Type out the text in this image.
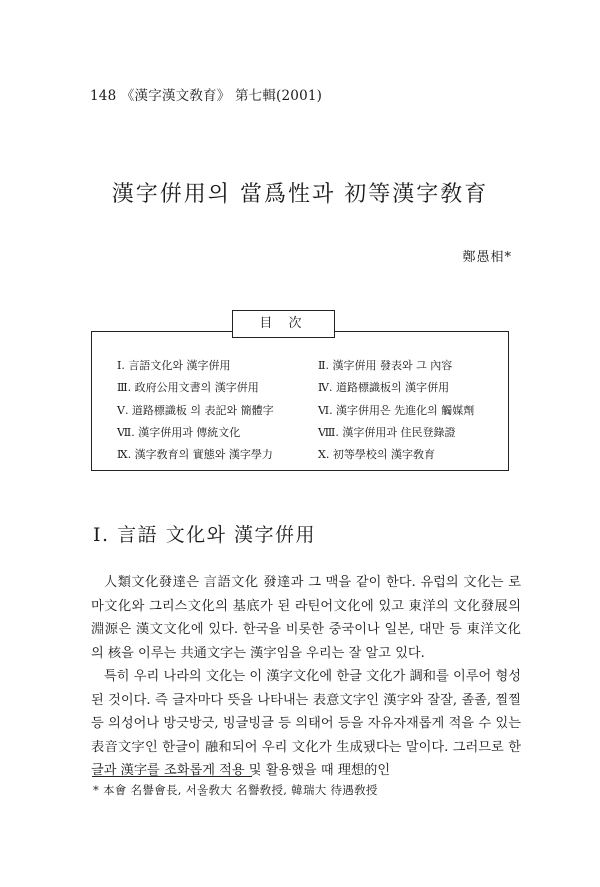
148 《漢字漢文敎育》 第七輯(2001)
漢字倂用의 當爲性과 初等漢字敎育
鄭愚相*
目 次
Ⅰ. 言語文化와 漢字倂用
Ⅲ. 政府公用文書의 漢字倂用
Ⅴ. 道路標識板 의 表記와 簡體字
Ⅶ. 漢字倂用과 傳統文化
Ⅸ. 漢字敎育의 實態와 漢字學力
Ⅱ. 漢字倂用 發表와 그 內容
Ⅳ. 道路標識板의 漢字倂用
Ⅵ. 漢字倂用은 先進化의 觸媒劑
Ⅷ. 漢字倂用과 住民登錄證
Ⅹ. 初等學校의 漢字敎育
Ⅰ. 言語 文化와 漢字倂用

人類文化發達은 言語文化 發達과 그 맥을 같이 한다. 유럽의 文化는 로마文化와 그리스文化의 基底가 된 라틴어文化에 있고 東洋의 文化發展의 淵源은 漢文文化에 있다. 한국을 비롯한 중국이나 일본, 대만 등 東洋文化의 核을 이루는 共通文字는 漢字임을 우리는 잘 알고 있다.

특히 우리 나라의 文化는 이 漢字文化에 한글 文化가 調和를 이루어 형성된 것이다. 즉 글자마다 뜻을 나타내는 表意文字인 漢字와 잘잘, 졸졸, 찔찔 등 의성어나 방긋방긋, 빙글빙글 등 의태어 등을 자유자재롭게 적을 수 있는 表音文字인 한글이 融和되어 우리 文化가 生成됐다는 말이다. 그러므로 한글과 漢字를 조화롭게 적용 및 활용했을 때 理想的인

* 本會 名譽會長, 서울敎大 名譽敎授, 韓瑞大 待遇敎授
